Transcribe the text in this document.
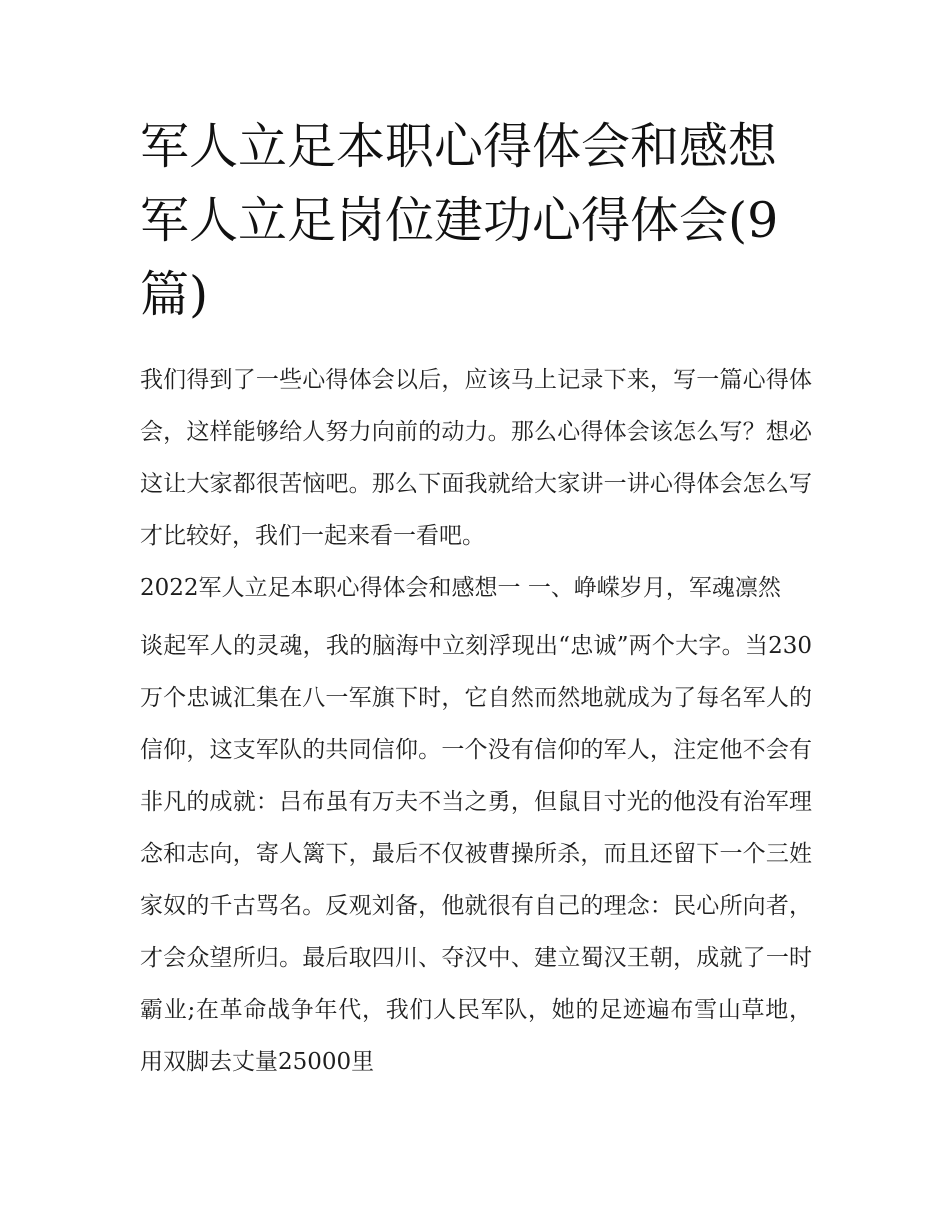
军人立足本职心得体会和感想军人立足岗位建功心得体会(9篇)

我们得到了一些心得体会以后，应该马上记录下来，写一篇心得体会，这样能够给人努力向前的动力。那么心得体会该怎么写？想必这让大家都很苦恼吧。那么下面我就给大家讲一讲心得体会怎么写才比较好，我们一起来看一看吧。

2022军人立足本职心得体会和感想一 一、峥嵘岁月，军魂凛然

谈起军人的灵魂，我的脑海中立刻浮现出“忠诚”两个大字。当230万个忠诚汇集在八一军旗下时，它自然而然地就成为了每名军人的信仰，这支军队的共同信仰。一个没有信仰的军人，注定他不会有非凡的成就：吕布虽有万夫不当之勇，但鼠目寸光的他没有治军理念和志向，寄人篱下，最后不仅被曹操所杀，而且还留下一个三姓家奴的千古骂名。反观刘备，他就很有自己的理念：民心所向者，才会众望所归。最后取四川、夺汉中、建立蜀汉王朝，成就了一时霸业;在革命战争年代，我们人民军队，她的足迹遍布雪山草地，用双脚去丈量25000里
